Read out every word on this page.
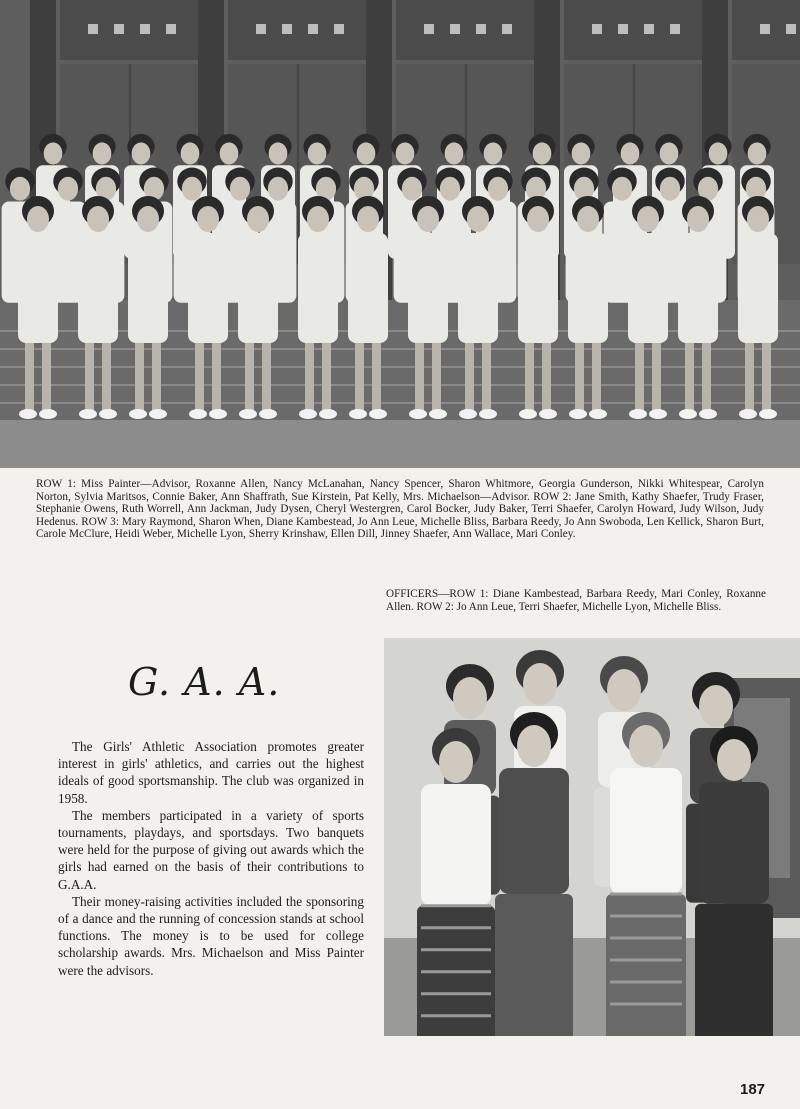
ROW 1: Miss Painter—Advisor, Roxanne Allen, Nancy McLanahan, Nancy Spencer, Sharon Whitmore, Georgia Gunderson, Nikki Whitespear, Carolyn Norton, Sylvia Maritsos, Connie Baker, Ann Shaffrath, Sue Kirstein, Pat Kelly, Mrs. Michaelson—Advisor. ROW 2: Jane Smith, Kathy Shaefer, Trudy Fraser, Stephanie Owens, Ruth Worrell, Ann Jackman, Judy Dysen, Cheryl Westergren, Carol Bocker, Judy Baker, Terri Shaefer, Carolyn Howard, Judy Wilson, Judy Hedenus. ROW 3: Mary Raymond, Sharon When, Diane Kambestead, Jo Ann Leue, Michelle Bliss, Barbara Reedy, Jo Ann Swoboda, Len Kellick, Sharon Burt, Carole McClure, Heidi Weber, Michelle Lyon, Sherry Krinshaw, Ellen Dill, Jinney Shaefer, Ann Wallace, Mari Conley.

OFFICERS—ROW 1: Diane Kambestead, Barbara Reedy, Mari Conley, Roxanne Allen. ROW 2: Jo Ann Leue, Terri Shaefer, Michelle Lyon, Michelle Bliss.

G. A. A.

The Girls' Athletic Association promotes greater interest in girls' athletics, and carries out the highest ideals of good sportsmanship. The club was organized in 1958.

The members participated in a variety of sports tournaments, playdays, and sportsdays. Two banquets were held for the purpose of giving out awards which the girls had earned on the basis of their contributions to G.A.A.

Their money-raising activities included the sponsoring of a dance and the running of concession stands at school functions. The money is to be used for college scholarship awards. Mrs. Michaelson and Miss Painter were the advisors.

187
